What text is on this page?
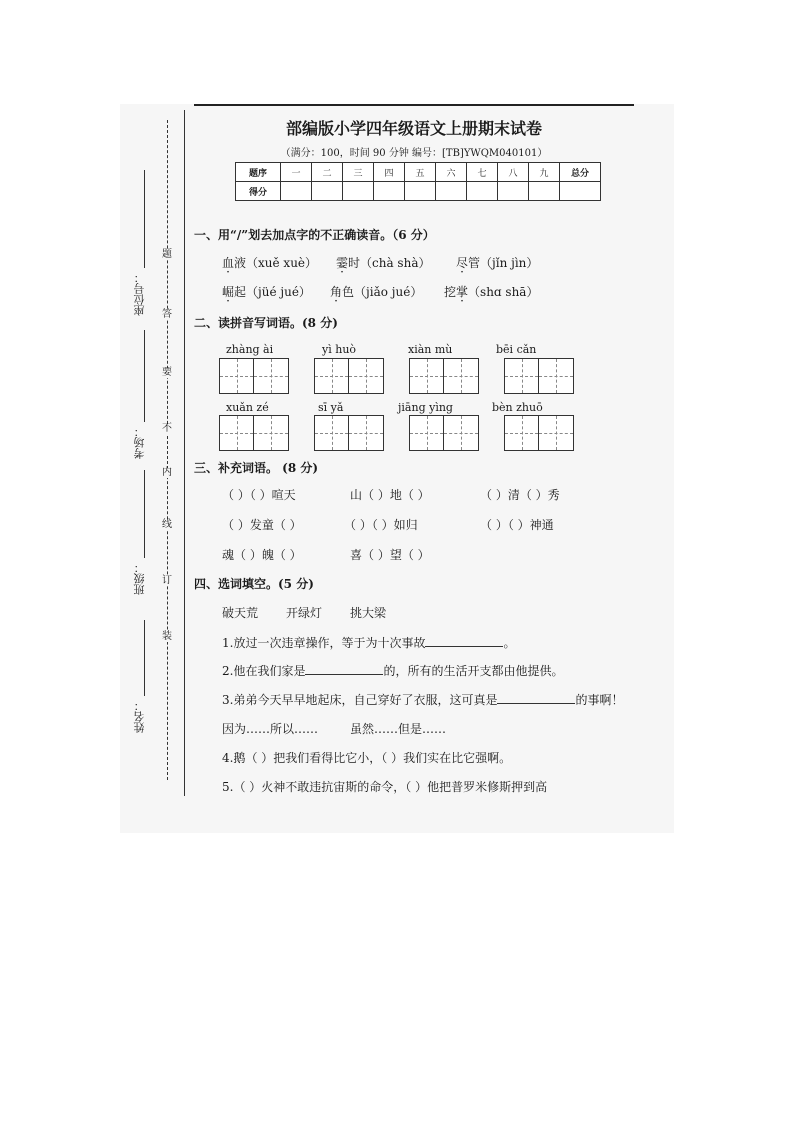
座位号：
考场：
班级：
姓名：
题
答
要
不
内
线
订
装
部编版小学四年级语文上册期末试卷
（满分：100，时间 90 分钟 编号：[TB]YWQM040101）
题序	一	二	三	四	五	六	七	八	九	总分
得分										
一、用“/”划去加点字的不正确读音。（6 分）
血液（xuě xuè） 霎时（chà shà） 尽管（jǐn jìn）
崛起（jüé jué） 角色（jiǎo jué） 挖掌（shɑ shā）
二、读拼音写词语。(8 分)
zhàng ài	yì huò	xiàn mù	bēi cǎn
xuǎn zé	sī yǎ	jiāng yìng	bèn zhuō
三、补充词语。 (8 分)
（ ）（ ）喧天	山（ ）地（ ）	（ ）清（ ）秀
（ ）发童（ ）	（ ）（ ）如归	（ ）（ ）神通
魂（ ）魄（ ）	喜（ ）望（ ）
四、选词填空。(5 分)
破天荒 开绿灯 挑大梁
1.放过一次违章操作，等于为十次事故	。
2.他在我们家是	的，所有的生活开支都由他提供。
3.弟弟今天早早地起床，自己穿好了衣服，这可真是	的事啊！
因为……所以……	虽然……但是……
4.鹅（ ）把我们看得比它小，（ ）我们实在比它强啊。
5.（ ）火神不敢违抗宙斯的命令，（ ）他把普罗米修斯押到高
